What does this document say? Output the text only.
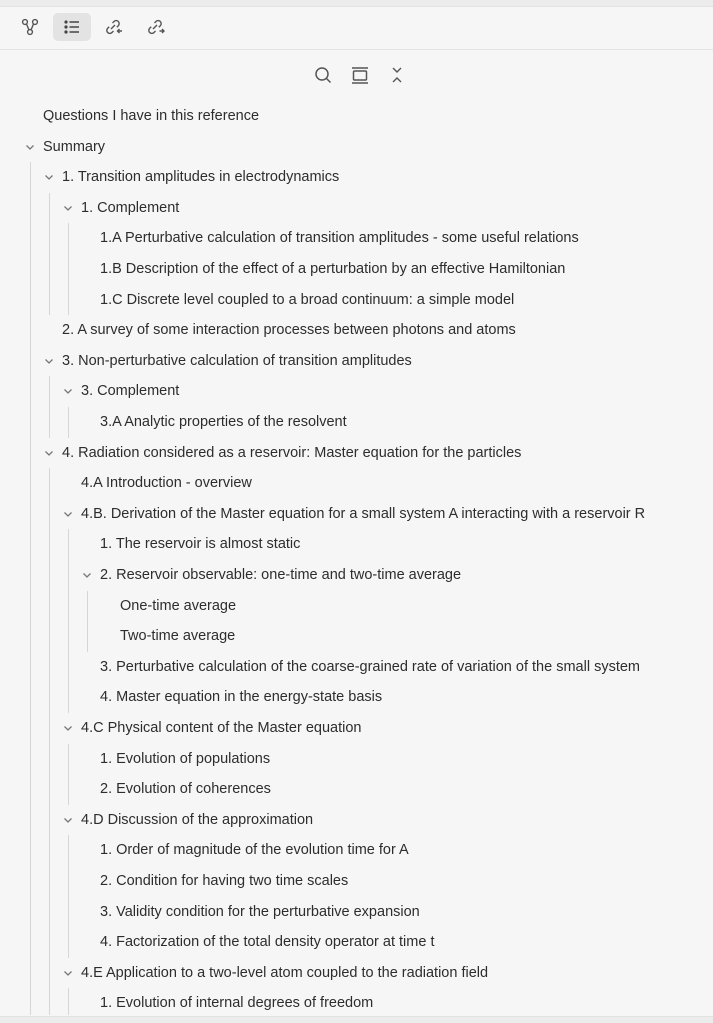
Questions I have in this reference
Summary
1. Transition amplitudes in electrodynamics
1. Complement
1.A Perturbative calculation of transition amplitudes - some useful relations
1.B Description of the effect of a perturbation by an effective Hamiltonian
1.C Discrete level coupled to a broad continuum: a simple model
2. A survey of some interaction processes between photons and atoms
3. Non-perturbative calculation of transition amplitudes
3. Complement
3.A Analytic properties of the resolvent
4. Radiation considered as a reservoir: Master equation for the particles
4.A Introduction - overview
4.B. Derivation of the Master equation for a small system A interacting with a reservoir R
1. The reservoir is almost static
2. Reservoir observable: one-time and two-time average
One-time average
Two-time average
3. Perturbative calculation of the coarse-grained rate of variation of the small system
4. Master equation in the energy-state basis
4.C Physical content of the Master equation
1. Evolution of populations
2. Evolution of coherences
4.D Discussion of the approximation
1. Order of magnitude of the evolution time for A
2. Condition for having two time scales
3. Validity condition for the perturbative expansion
4. Factorization of the total density operator at time t
4.E Application to a two-level atom coupled to the radiation field
1. Evolution of internal degrees of freedom
